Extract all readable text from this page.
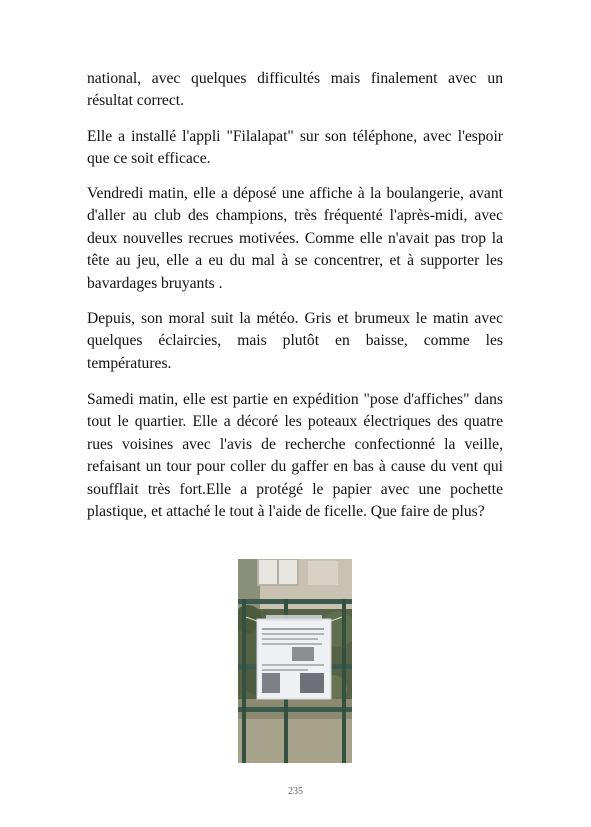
national, avec quelques difficultés mais finalement avec un résultat correct.

Elle a installé l'appli "Filalapat" sur son téléphone, avec l'espoir que ce soit efficace.

Vendredi matin, elle a déposé une affiche à la boulangerie, avant d'aller au club des champions, très fréquenté l'après-midi, avec deux nouvelles recrues motivées. Comme elle n'avait pas trop la tête au jeu, elle a eu du mal à se concentrer, et à supporter les bavardages bruyants .

Depuis, son moral suit la météo. Gris et brumeux le matin avec quelques éclaircies, mais plutôt en baisse, comme les températures.

Samedi matin, elle est partie en expédition "pose d'affiches" dans tout le quartier. Elle a décoré les poteaux électriques des quatre rues voisines avec l'avis de recherche confectionné la veille, refaisant un tour pour coller du gaffer en bas à cause du vent qui soufflait très fort.Elle a protégé le papier avec une pochette plastique, et attaché le tout à l'aide de ficelle. Que faire de plus?

235
